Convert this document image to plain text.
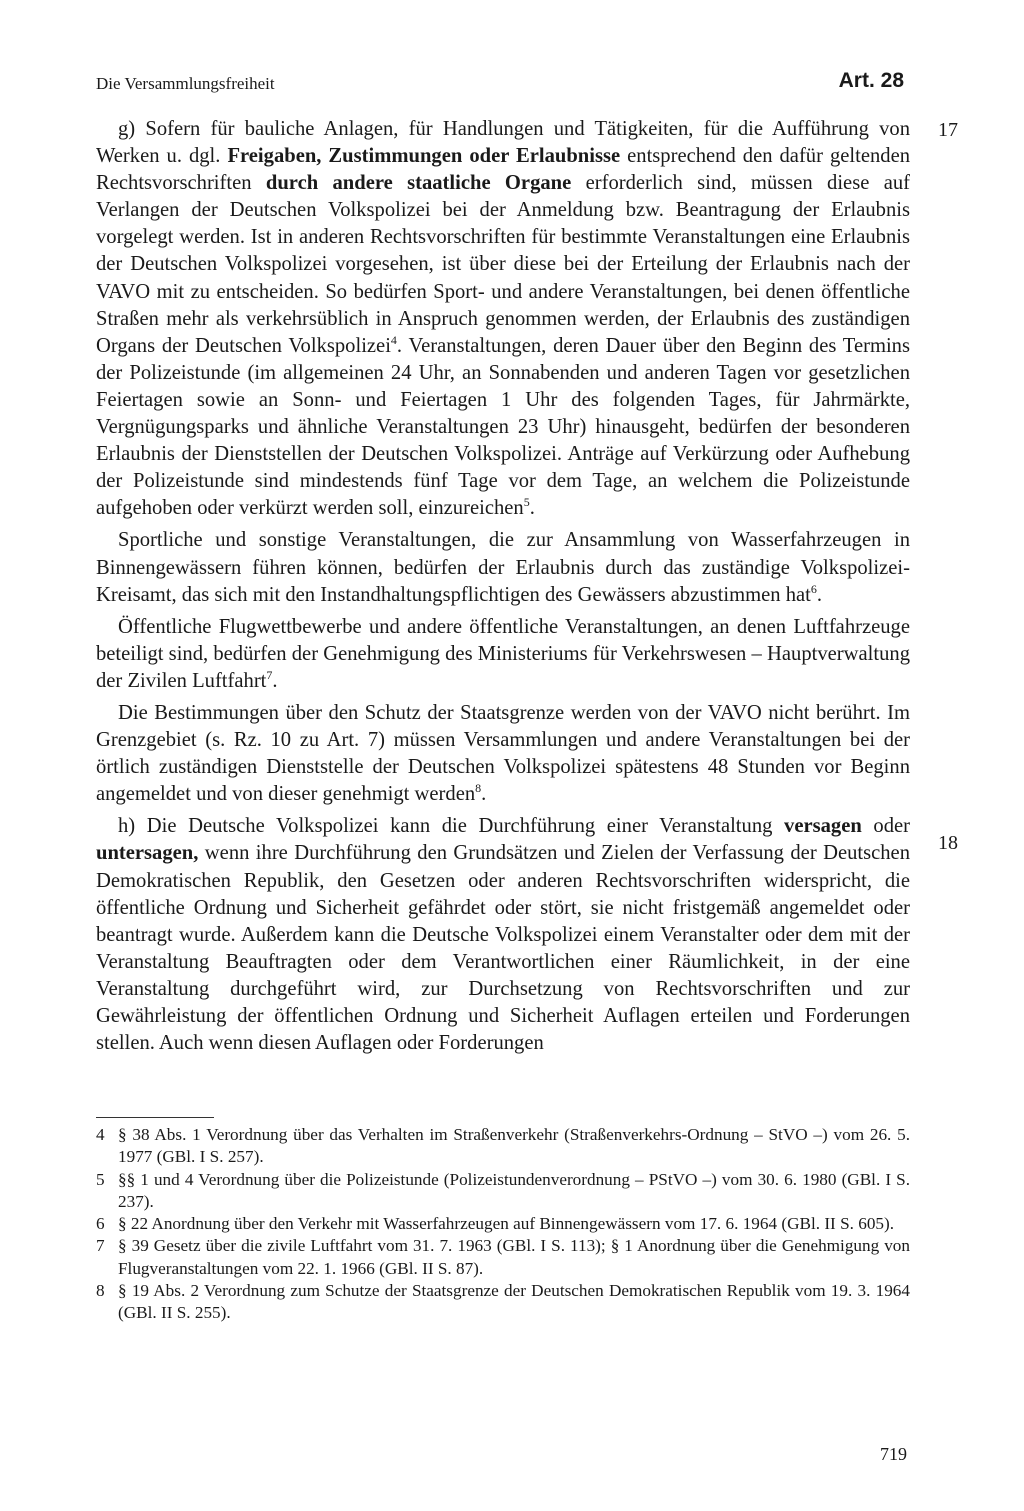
Die Versammlungsfreiheit	Art. 28
17
18

g) Sofern für bauliche Anlagen, für Handlungen und Tätigkeiten, für die Aufführung von Werken u. dgl. Freigaben, Zustimmungen oder Erlaubnisse entsprechend den dafür geltenden Rechtsvorschriften durch andere staatliche Organe erforderlich sind, müssen diese auf Verlangen der Deutschen Volkspolizei bei der Anmeldung bzw. Beantragung der Erlaubnis vorgelegt werden. Ist in anderen Rechtsvorschriften für bestimmte Veranstaltungen eine Erlaubnis der Deutschen Volkspolizei vorgesehen, ist über diese bei der Erteilung der Erlaubnis nach der VAVO mit zu entscheiden. So bedürfen Sport- und andere Veranstaltungen, bei denen öffentliche Straßen mehr als verkehrsüblich in Anspruch genommen werden, der Erlaubnis des zuständigen Organs der Deutschen Volkspolizei$^4$. Veranstaltungen, deren Dauer über den Beginn des Termins der Polizeistunde (im allgemeinen 24 Uhr, an Sonnabenden und anderen Tagen vor gesetzlichen Feiertagen sowie an Sonn- und Feiertagen 1 Uhr des folgenden Tages, für Jahrmärkte, Vergnügungsparks und ähnliche Veranstaltungen 23 Uhr) hinausgeht, bedürfen der besonderen Erlaubnis der Dienststellen der Deutschen Volkspolizei. Anträge auf Verkürzung oder Aufhebung der Polizeistunde sind mindestends fünf Tage vor dem Tage, an welchem die Polizeistunde aufgehoben oder verkürzt werden soll, einzureichen$^5$.

Sportliche und sonstige Veranstaltungen, die zur Ansammlung von Wasserfahrzeugen in Binnengewässern führen können, bedürfen der Erlaubnis durch das zuständige Volkspolizei-Kreisamt, das sich mit den Instandhaltungspflichtigen des Gewässers abzustimmen hat$^6$.

Öffentliche Flugwettbewerbe und andere öffentliche Veranstaltungen, an denen Luftfahrzeuge beteiligt sind, bedürfen der Genehmigung des Ministeriums für Verkehrswesen – Hauptverwaltung der Zivilen Luftfahrt$^7$.

Die Bestimmungen über den Schutz der Staatsgrenze werden von der VAVO nicht berührt. Im Grenzgebiet (s. Rz. 10 zu Art. 7) müssen Versammlungen und andere Veranstaltungen bei der örtlich zuständigen Dienststelle der Deutschen Volkspolizei spätestens 48 Stunden vor Beginn angemeldet und von dieser genehmigt werden$^8$.

h) Die Deutsche Volkspolizei kann die Durchführung einer Veranstaltung versagen oder untersagen, wenn ihre Durchführung den Grundsätzen und Zielen der Verfassung der Deutschen Demokratischen Republik, den Gesetzen oder anderen Rechtsvorschriften widerspricht, die öffentliche Ordnung und Sicherheit gefährdet oder stört, sie nicht fristgemäß angemeldet oder beantragt wurde. Außerdem kann die Deutsche Volkspolizei einem Veranstalter oder dem mit der Veranstaltung Beauftragten oder dem Verantwortlichen einer Räumlichkeit, in der eine Veranstaltung durchgeführt wird, zur Durchsetzung von Rechtsvorschriften und zur Gewährleistung der öffentlichen Ordnung und Sicherheit Auflagen erteilen und Forderungen stellen. Auch wenn diesen Auflagen oder Forderungen

4 § 38 Abs. 1 Verordnung über das Verhalten im Straßenverkehr (Straßenverkehrs-Ordnung – StVO –) vom 26. 5. 1977 (GBl. I S. 257).
5 §§ 1 und 4 Verordnung über die Polizeistunde (Polizeistundenverordnung – PStVO –) vom 30. 6. 1980 (GBl. I S. 237).
6 § 22 Anordnung über den Verkehr mit Wasserfahrzeugen auf Binnengewässern vom 17. 6. 1964 (GBl. II S. 605).
7 § 39 Gesetz über die zivile Luftfahrt vom 31. 7. 1963 (GBl. I S. 113); § 1 Anordnung über die Genehmigung von Flugveranstaltungen vom 22. 1. 1966 (GBl. II S. 87).
8 § 19 Abs. 2 Verordnung zum Schutze der Staatsgrenze der Deutschen Demokratischen Republik vom 19. 3. 1964 (GBl. II S. 255).
719
